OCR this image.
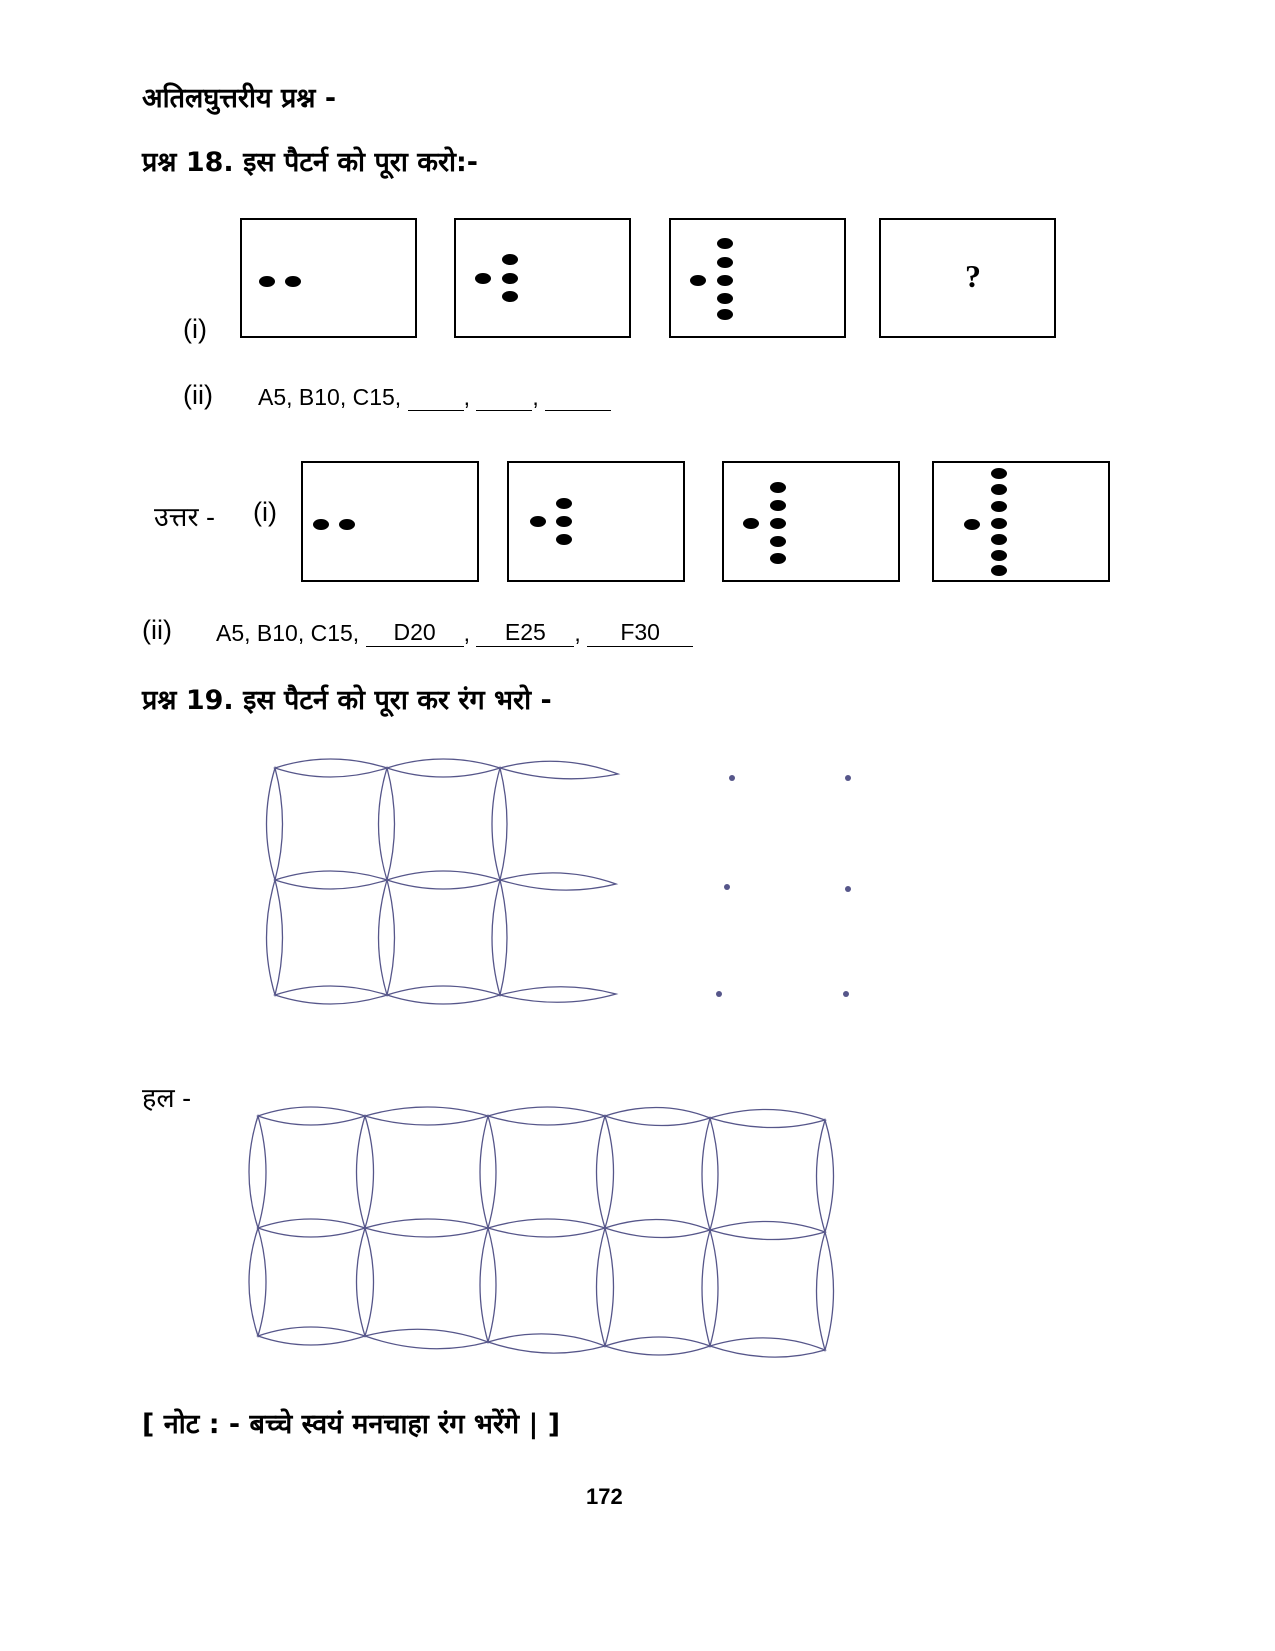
अतिलघुत्तरीय प्रश्न -
प्रश्न 18. इस पैटर्न को पूरा करो:-
(i)
?
(ii) A5, B10, C15,	,	,
उत्तर - (i)
(ii) A5, B10, C15, D20 , E25 , F30
प्रश्न 19. इस पैटर्न को पूरा कर रंग भरो -
हल -
[ नोट : - बच्चे स्वयं मनचाहा रंग भरेंगे | ]
172
